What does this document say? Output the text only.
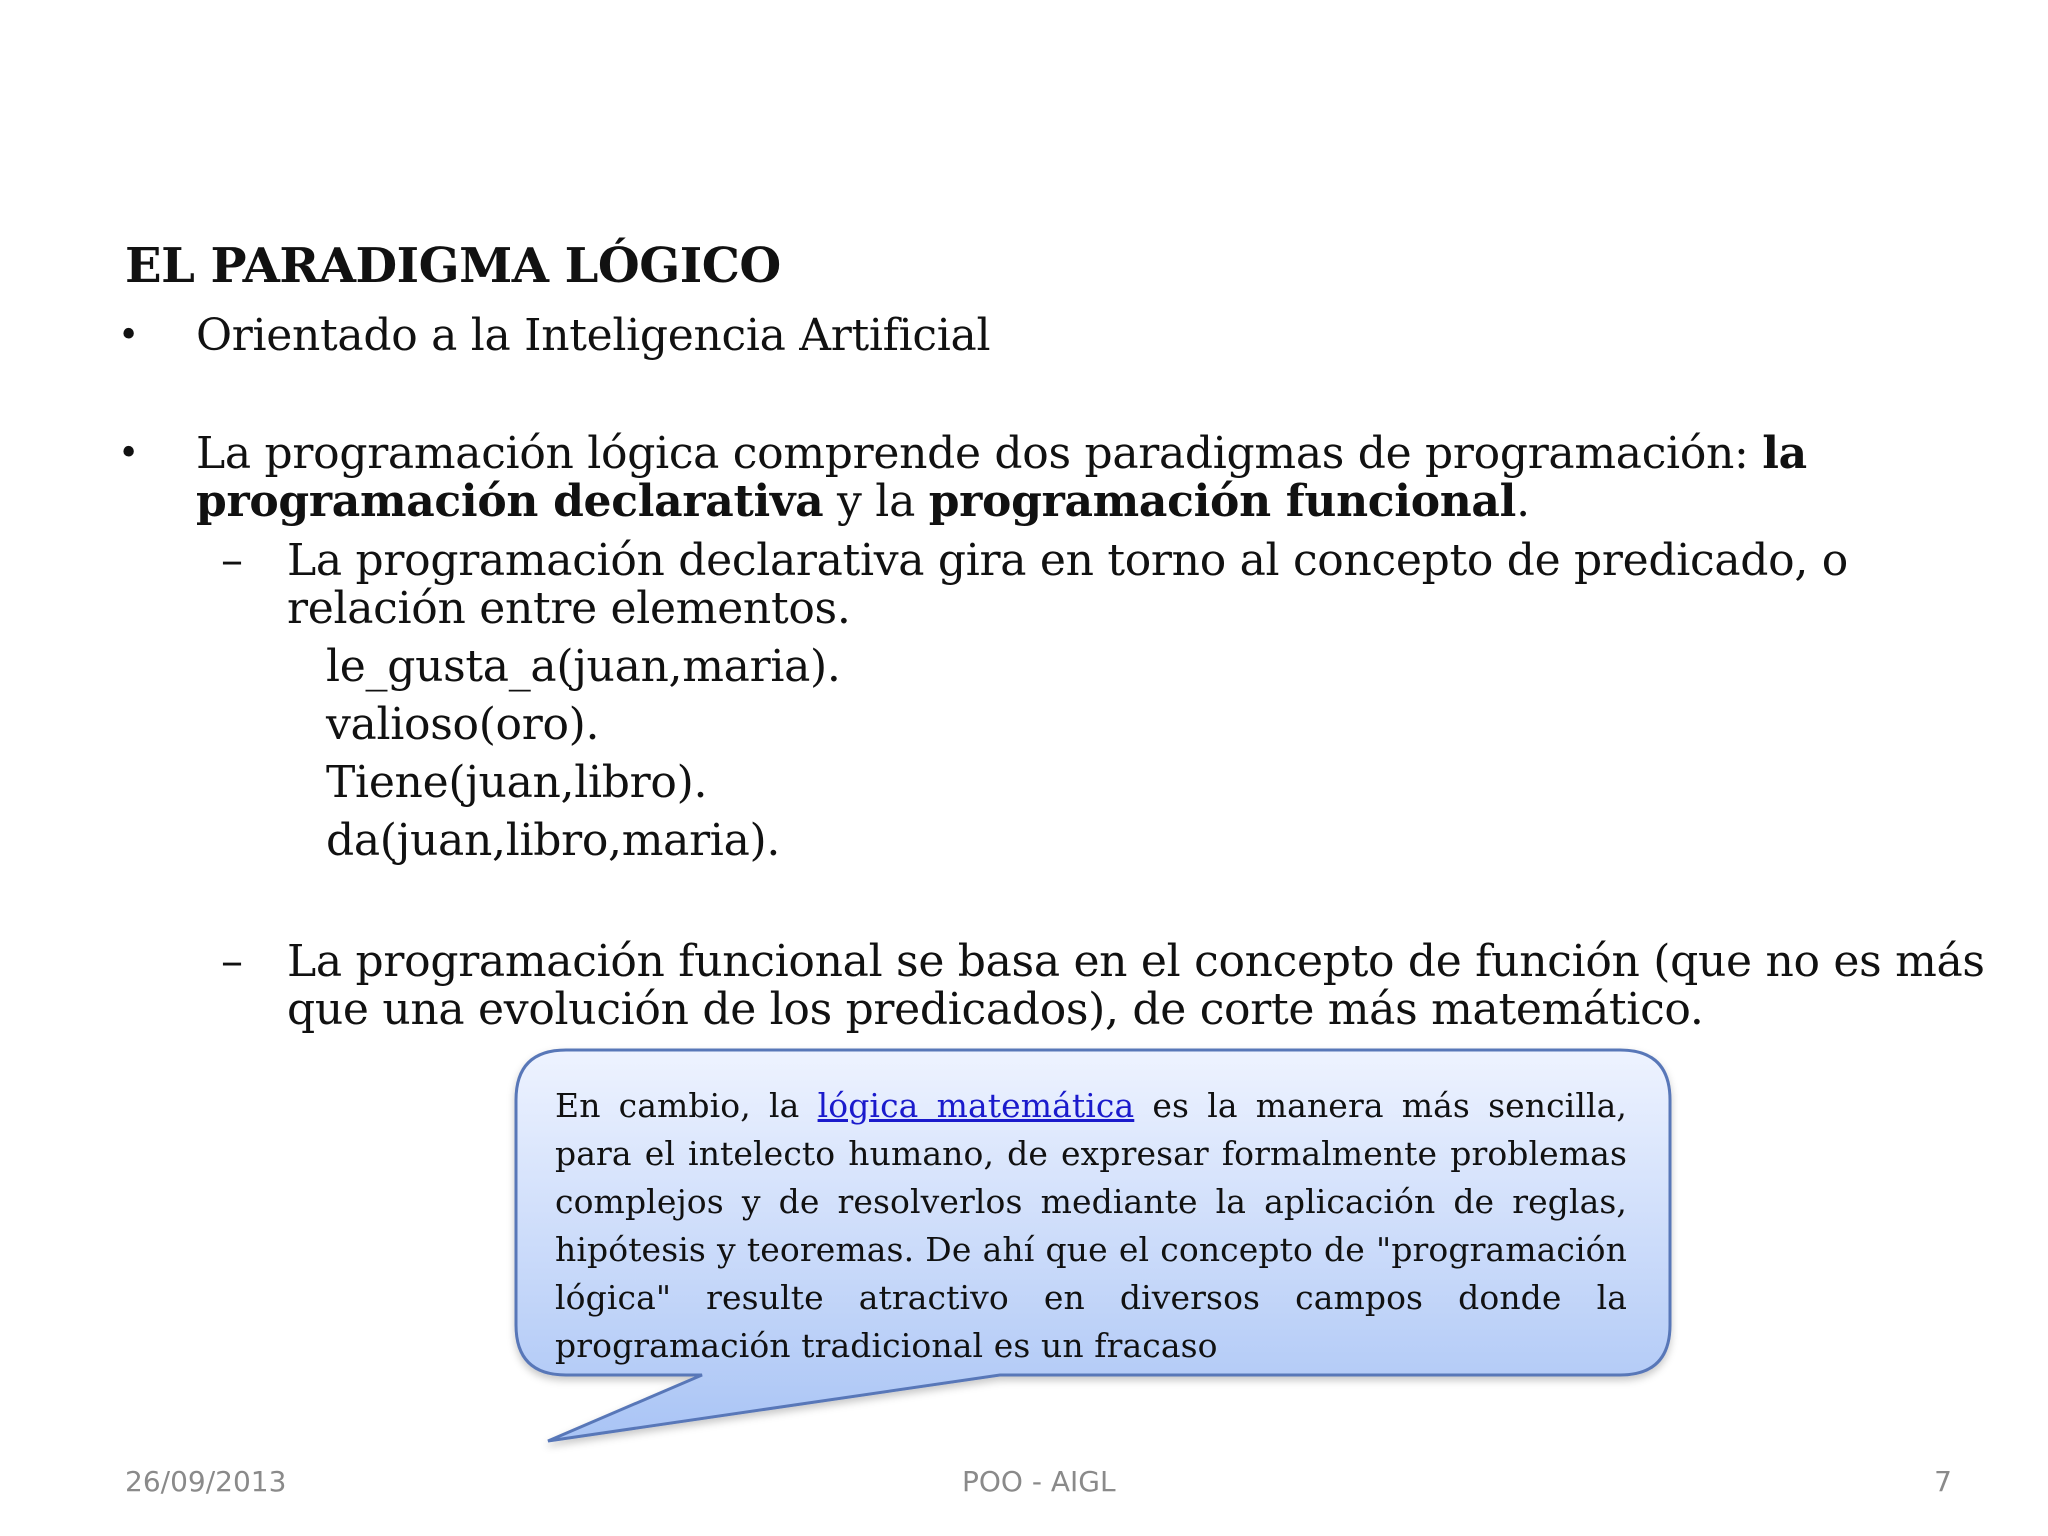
EL PARADIGMA LÓGICO
• Orientado a la Inteligencia Artificial
• La programación lógica comprende dos paradigmas de programación: la programación declarativa y la programación funcional.
– La programación declarativa gira en torno al concepto de predicado, o relación entre elementos.
le_gusta_a(juan,maria).
valioso(oro).
Tiene(juan,libro).
da(juan,libro,maria).
– La programación funcional se basa en el concepto de función (que no es más que una evolución de los predicados), de corte más matemático.
En cambio, la lógica matemática es la manera más sencilla, para el intelecto humano, de expresar formalmente problemas complejos y de resolverlos mediante la aplicación de reglas, hipótesis y teoremas. De ahí que el concepto de "programación lógica" resulte atractivo en diversos campos donde la programación tradicional es un fracaso
26/09/2013	POO - AIGL	7
